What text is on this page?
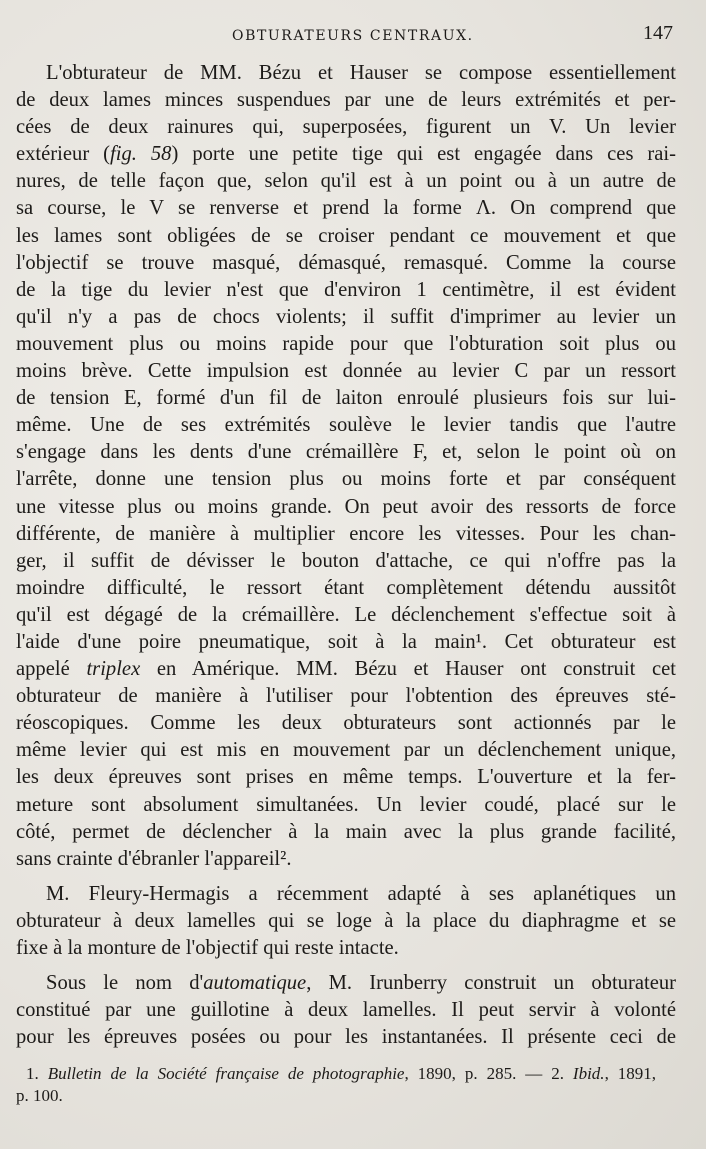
OBTURATEURS CENTRAUX.	147
L'obturateur de MM. Bézu et Hauser se compose essentiellement
de deux lames minces suspendues par une de leurs extrémités et per-
cées de deux rainures qui, superposées, figurent un V. Un levier
extérieur (fig. 58) porte une petite tige qui est engagée dans ces rai-
nures, de telle façon que, selon qu'il est à un point ou à un autre de
sa course, le V se renverse et prend la forme Λ. On comprend que
les lames sont obligées de se croiser pendant ce mouvement et que
l'objectif se trouve masqué, démasqué, remasqué. Comme la course
de la tige du levier n'est que d'environ 1 centimètre, il est évident
qu'il n'y a pas de chocs violents; il suffit d'imprimer au levier un
mouvement plus ou moins rapide pour que l'obturation soit plus ou
moins brève. Cette impulsion est donnée au levier C par un ressort
de tension E, formé d'un fil de laiton enroulé plusieurs fois sur lui-
même. Une de ses extrémités soulève le levier tandis que l'autre
s'engage dans les dents d'une crémaillère F, et, selon le point où on
l'arrête, donne une tension plus ou moins forte et par conséquent
une vitesse plus ou moins grande. On peut avoir des ressorts de force
différente, de manière à multiplier encore les vitesses. Pour les chan-
ger, il suffit de dévisser le bouton d'attache, ce qui n'offre pas la
moindre difficulté, le ressort étant complètement détendu aussitôt
qu'il est dégagé de la crémaillère. Le déclenchement s'effectue soit à
l'aide d'une poire pneumatique, soit à la main¹. Cet obturateur est
appelé triplex en Amérique. MM. Bézu et Hauser ont construit cet
obturateur de manière à l'utiliser pour l'obtention des épreuves sté-
réoscopiques. Comme les deux obturateurs sont actionnés par le
même levier qui est mis en mouvement par un déclenchement unique,
les deux épreuves sont prises en même temps. L'ouverture et la fer-
meture sont absolument simultanées. Un levier coudé, placé sur le
côté, permet de déclencher à la main avec la plus grande facilité,
sans crainte d'ébranler l'appareil².
M. Fleury-Hermagis a récemment adapté à ses aplanétiques un
obturateur à deux lamelles qui se loge à la place du diaphragme et se
fixe à la monture de l'objectif qui reste intacte.
Sous le nom d'automatique, M. Irunberry construit un obturateur
constitué par une guillotine à deux lamelles. Il peut servir à volonté
pour les épreuves posées ou pour les instantanées. Il présente ceci de
1. Bulletin de la Société française de photographie, 1890, p. 285. — 2. Ibid., 1891,
p. 100.
